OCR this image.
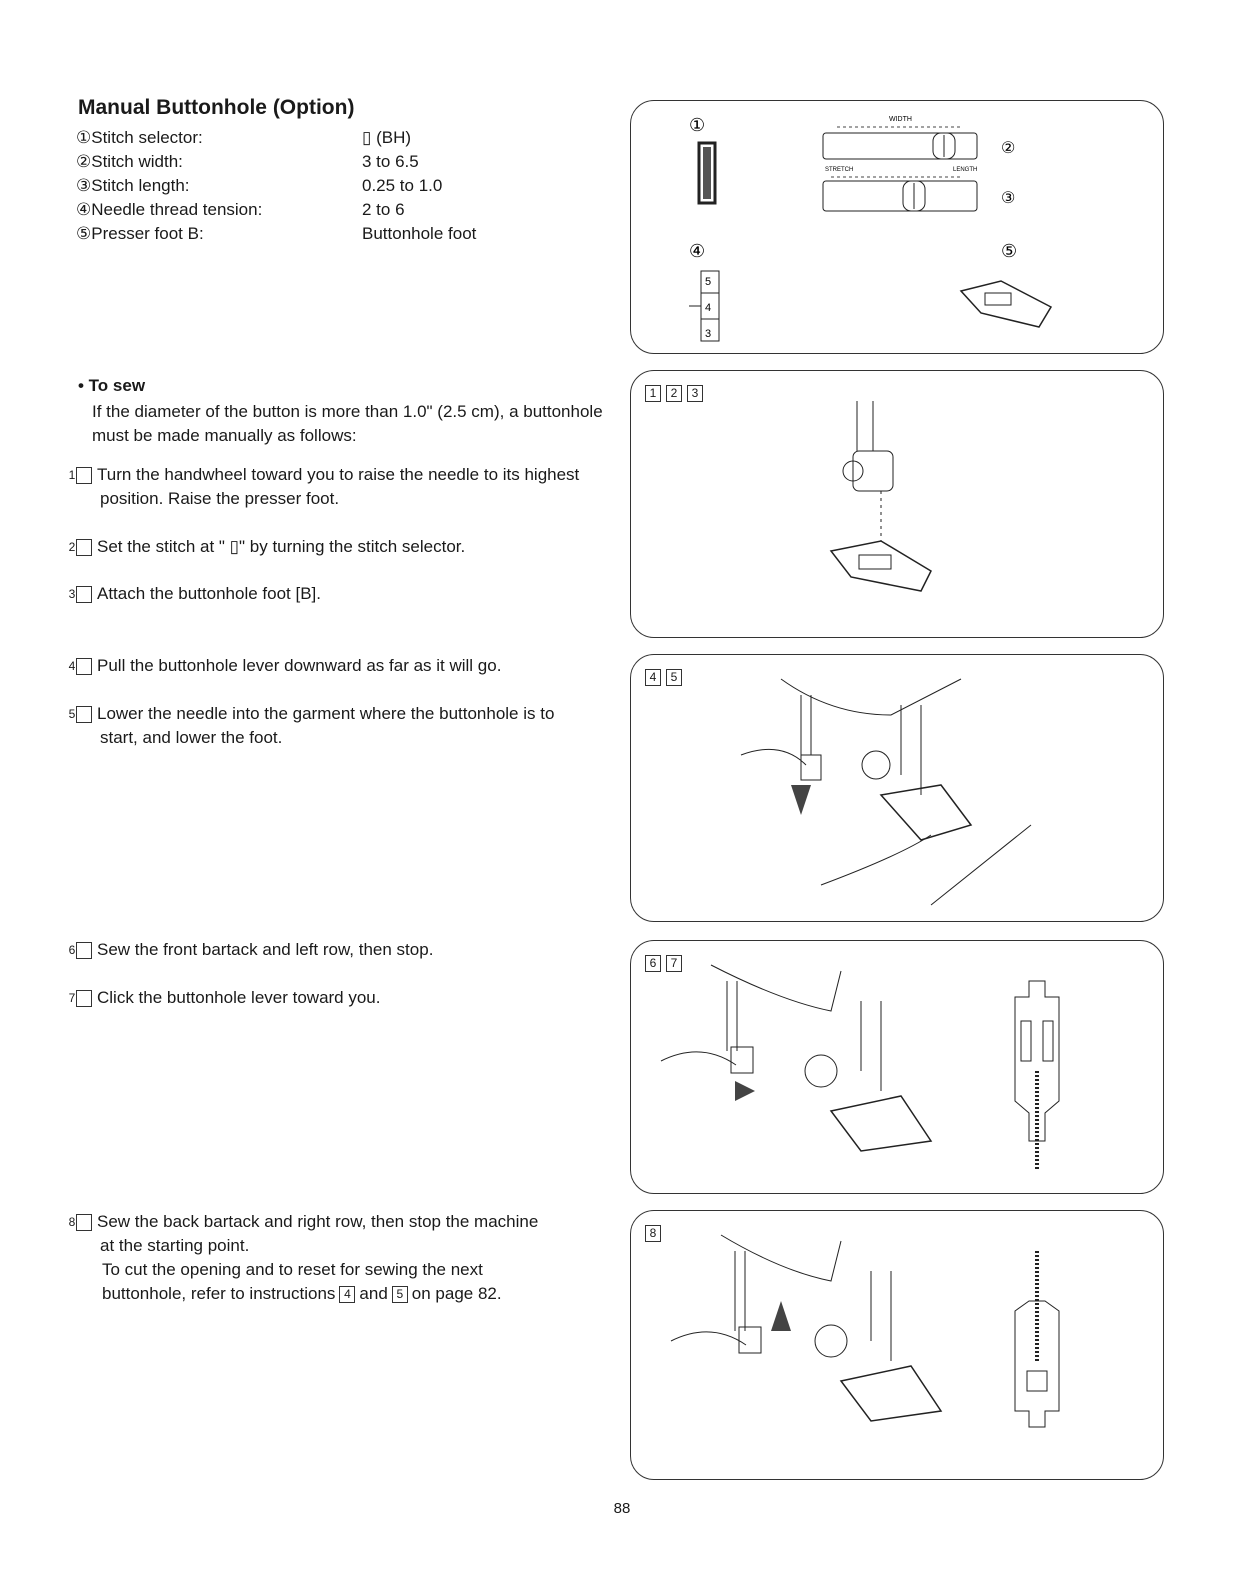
Manual Buttonhole (Option)
①Stitch selector:	▯ (BH)
②Stitch width:	3 to 6.5
③Stitch length:	0.25 to 1.0
④Needle thread tension:	2 to 6
⑤Presser foot B:	Buttonhole foot
• To sew
If the diameter of the button is more than 1.0" (2.5 cm), a buttonhole must be made manually as follows:
1 Turn the handwheel toward you to raise the needle to its highest position. Raise the presser foot.
2 Set the stitch at " ▯" by turning the stitch selector.
3 Attach the buttonhole foot [B].
4 Pull the buttonhole lever downward as far as it will go.
5 Lower the needle into the garment where the buttonhole is to start, and lower the foot.
6 Sew the front bartack and left row, then stop.
7 Click the buttonhole lever toward you.
8 Sew the back bartack and right row, then stop the machine at the starting point.
To cut the opening and to reset for sewing the next buttonhole, refer to instructions 4 and 5 on page 82.
①	WIDTH
②
STRETCH	LENGTH
③
④
5
4
3
⑤
1 2 3
4 5
6 7
8
88
